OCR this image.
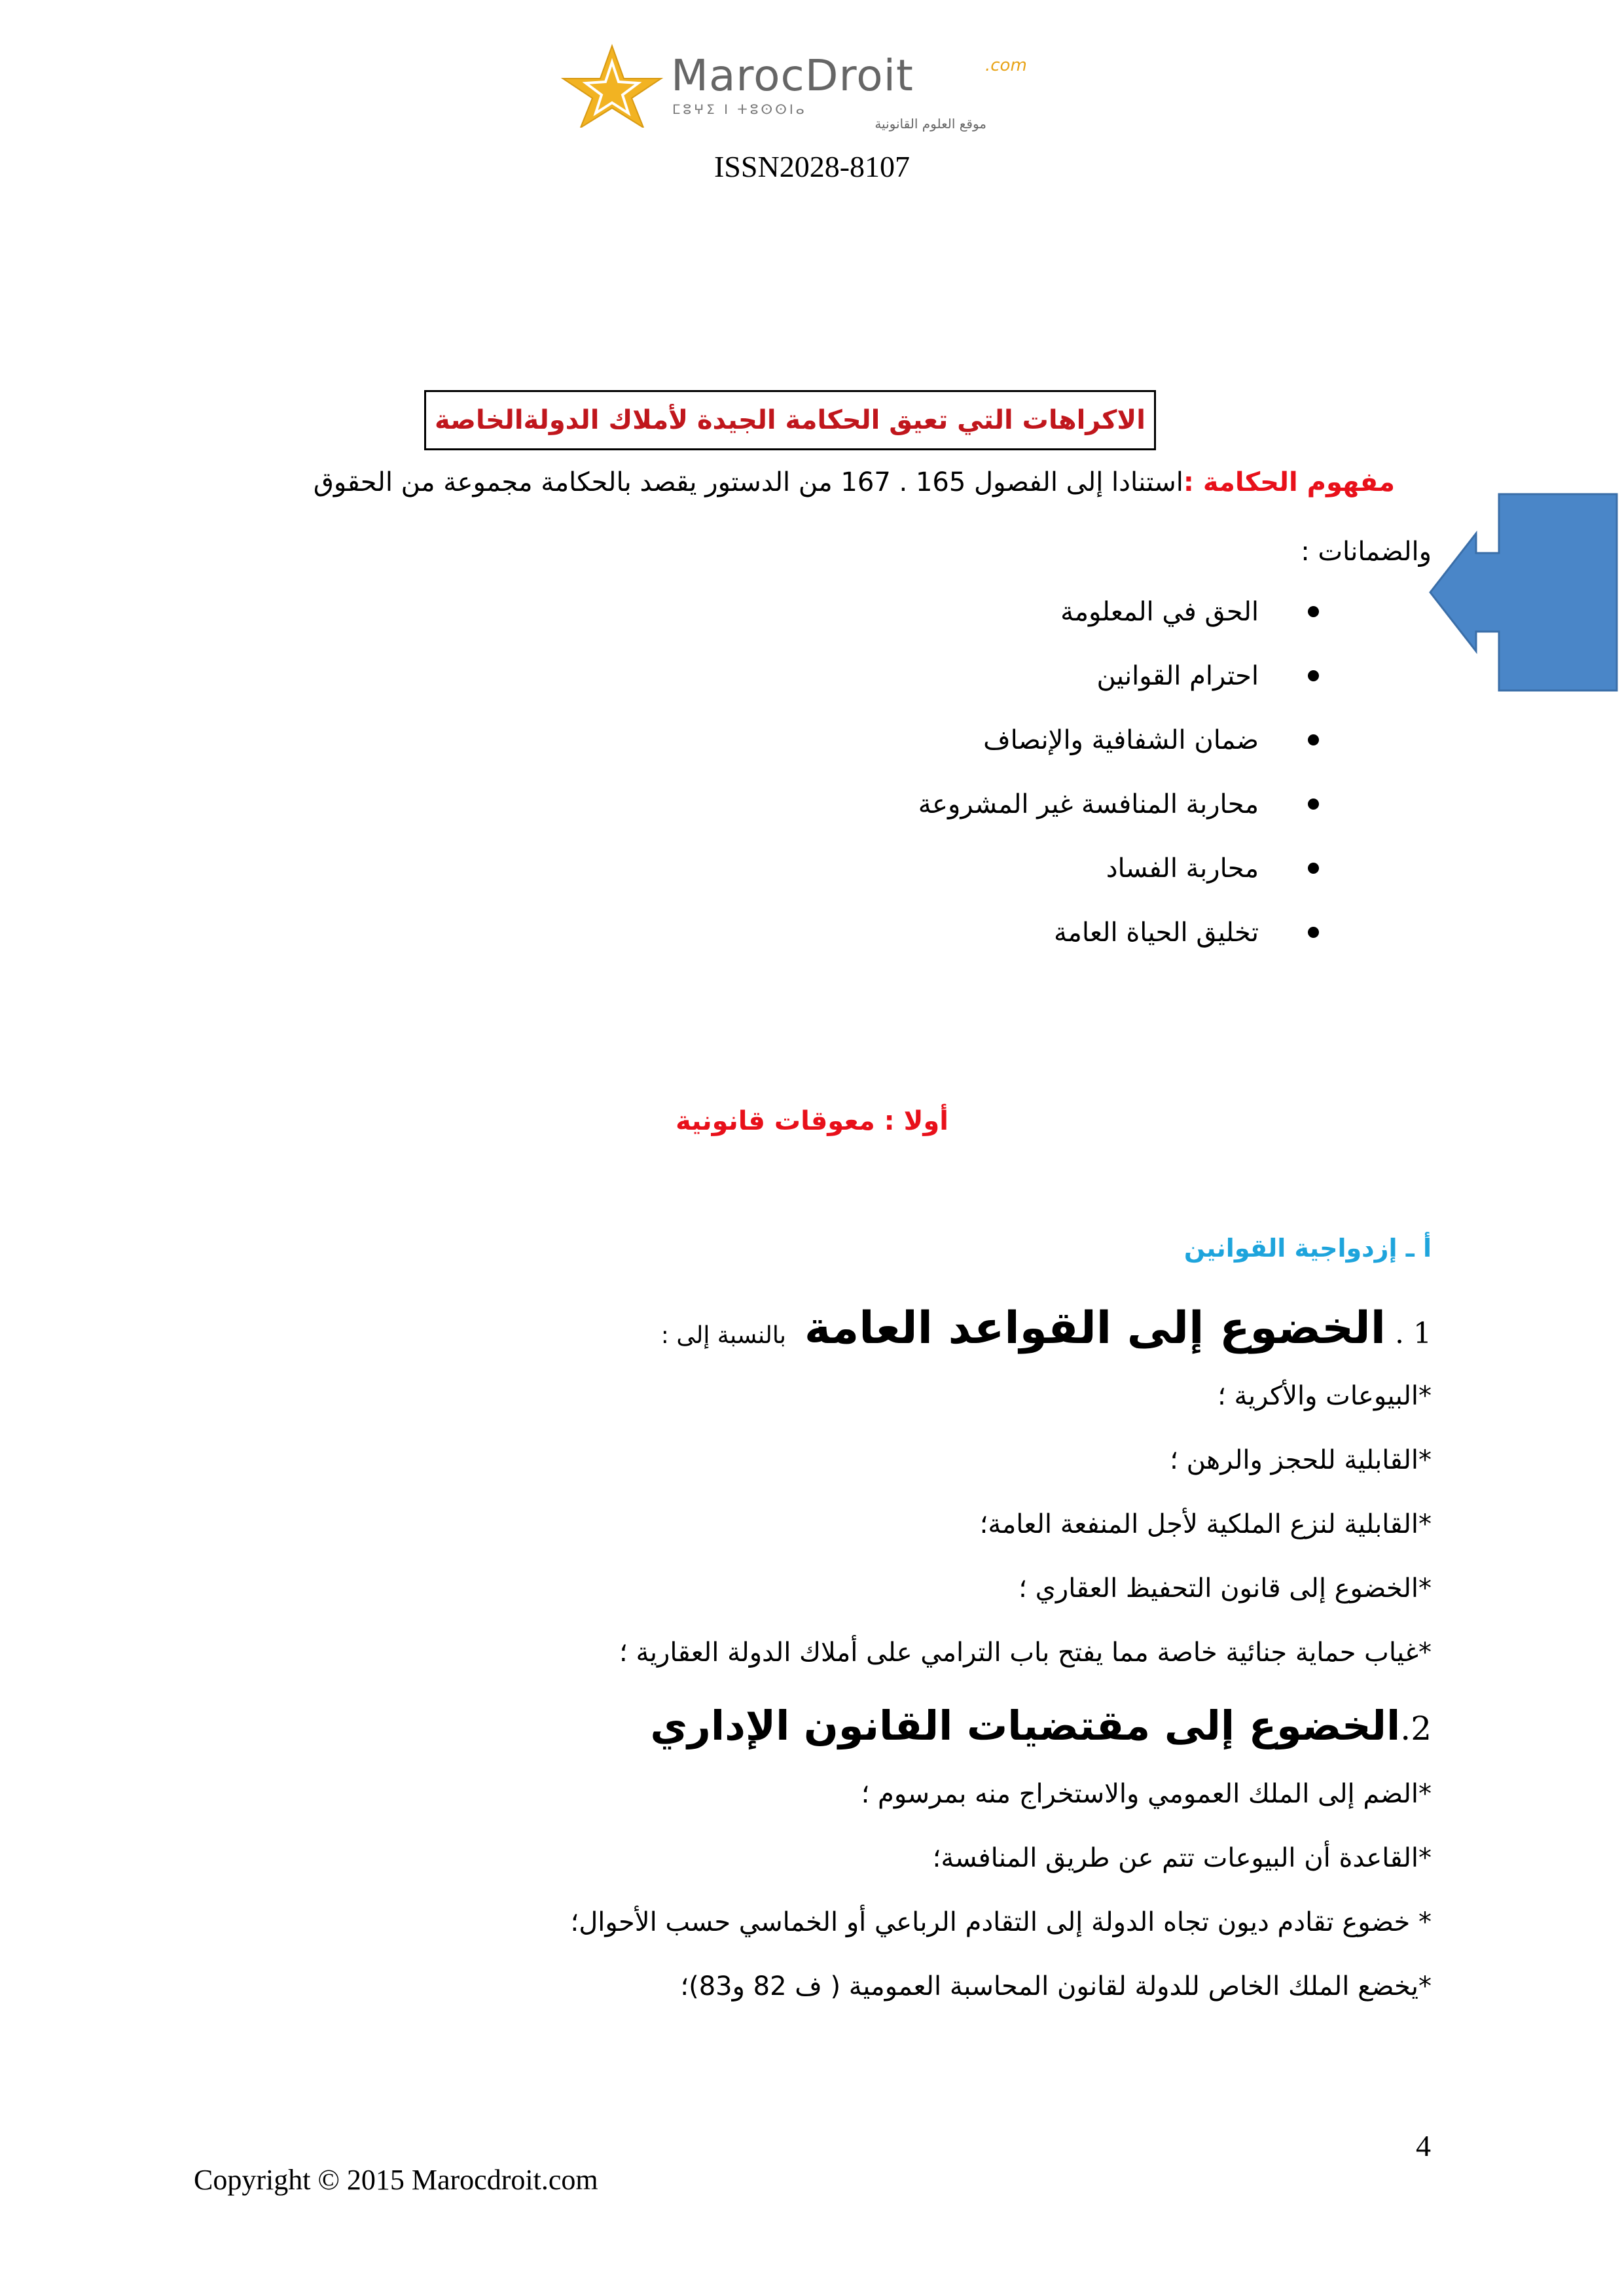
MarocDroit	.com
ⵎⵓⵖⵉ ⵏ ⵜⵓⵙⵙⵏⴰ
موقع العلوم القانونية
ISSN2028-8107
الاكراهات التي تعيق الحكامة الجيدة لأملاك الدولةالخاصة
مفهوم الحكامة :استنادا إلى الفصول 165 . 167 من الدستور يقصد بالحكامة مجموعة من الحقوق
والضمانات :
الحق في المعلومة
احترام القوانين
ضمان الشفافية والإنصاف
محاربة المنافسة غير المشروعة
محاربة الفساد
تخليق الحياة العامة
أولا : معوقات قانونية
أ ـ إزدواجية القوانين
1 . الخضوع إلى القواعد العامة  بالنسبة إلى :
*البيوعات والأكرية ؛
*القابلية للحجز والرهن ؛
*القابلية لنزع الملكية لأجل المنفعة العامة؛
*الخضوع إلى قانون التحفيظ العقاري ؛
*غياب حماية جنائية خاصة مما يفتح باب الترامي على أملاك الدولة العقارية ؛
2.الخضوع إلى مقتضيات القانون الإداري
*الضم إلى الملك العمومي والاستخراج منه بمرسوم ؛
*القاعدة أن البيوعات تتم عن طريق المنافسة؛
* خضوع تقادم ديون تجاه الدولة إلى التقادم الرباعي أو الخماسي حسب الأحوال؛
*يخضع الملك الخاص للدولة لقانون المحاسبة العمومية ( ف 82 و83)؛
4
Copyright © 2015 Marocdroit.com
